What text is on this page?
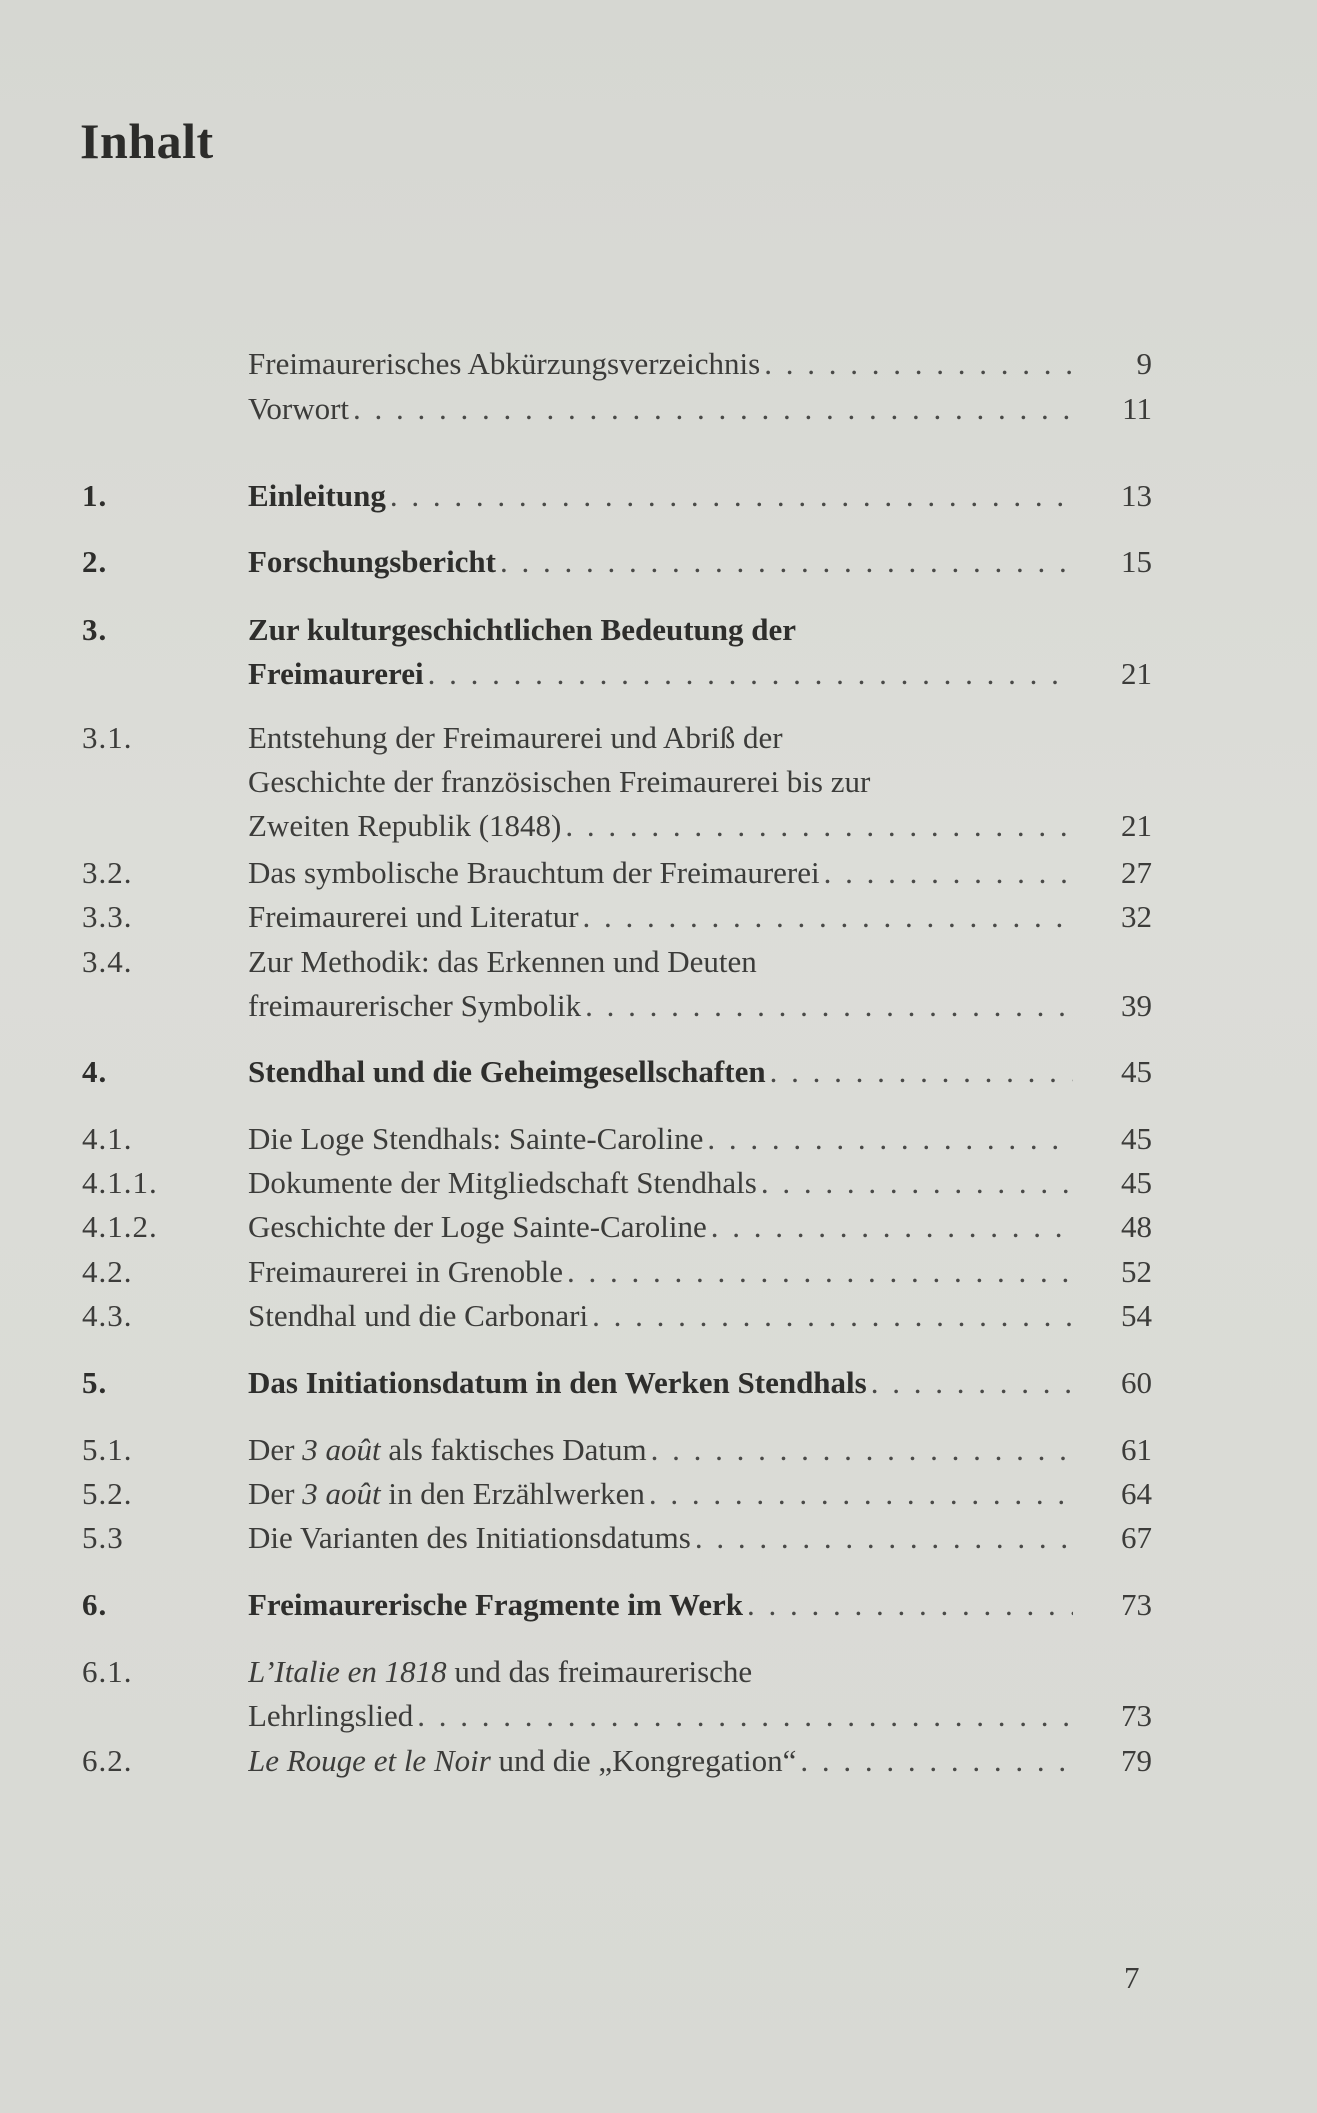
Inhalt
Freimaurerisches Abkürzungsverzeichnis . . .	9
Vorwort . . .	11
1.	Einleitung . . .	13
2.	Forschungsbericht . . .	15
3.	Zur kulturgeschichtlichen Bedeutung der
Freimaurerei . . .	21
3.1.	Entstehung der Freimaurerei und Abriß der
Geschichte der französischen Freimaurerei bis zur
Zweiten Republik (1848) . . .	21
3.2.	Das symbolische Brauchtum der Freimaurerei . . .	27
3.3.	Freimaurerei und Literatur . . .	32
3.4.	Zur Methodik: das Erkennen und Deuten
freimaurerischer Symbolik . . .	39
4.	Stendhal und die Geheimgesellschaften . . .	45
4.1.	Die Loge Stendhals: Sainte-Caroline . . .	45
4.1.1.	Dokumente der Mitgliedschaft Stendhals . . .	45
4.1.2.	Geschichte der Loge Sainte-Caroline . . .	48
4.2.	Freimaurerei in Grenoble . . .	52
4.3.	Stendhal und die Carbonari . . .	54
5.	Das Initiationsdatum in den Werken Stendhals . . .	60
5.1.	Der 3 août als faktisches Datum . . .	61
5.2.	Der 3 août in den Erzählwerken . . .	64
5.3	Die Varianten des Initiationsdatums . . .	67
6.	Freimaurerische Fragmente im Werk . . .	73
6.1.	L’Italie en 1818 und das freimaurerische
Lehrlingslied . . .	73
6.2.	Le Rouge et le Noir und die „Kongregation“ . . .	79
7
